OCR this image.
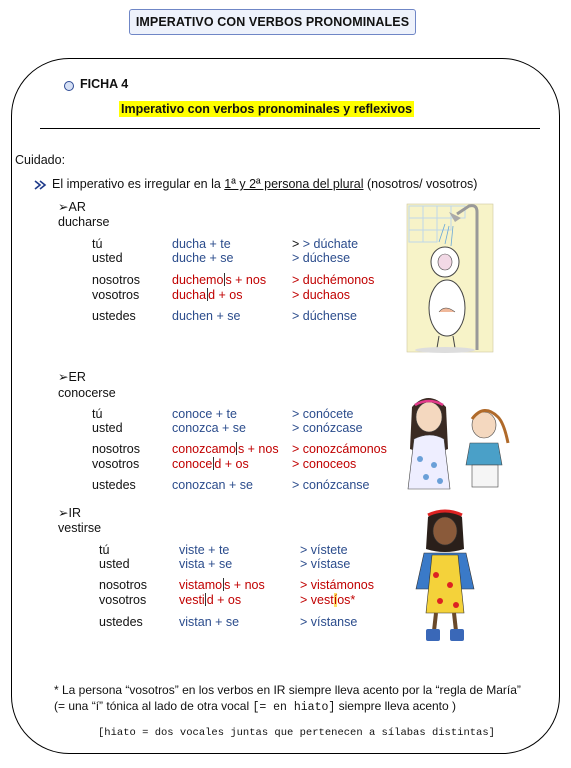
IMPERATIVO CON VERBOS PRONOMINALES
FICHA 4
Imperativo con verbos pronominales y reflexivos
Cuidado:
El imperativo es irregular en la 1ª y 2ª persona del plural (nosotros/ vosotros)
➢AR
ducharse
tú	ducha + te	> > dúchate
usted	duche + se	> dúchese
nosotros	duchemo s + nos > duchémonos
vosotros	ducha d + os	> duchaos
ustedes	duchen + se	> dúchense
➢ER
conocerse
tú	conoce + te	> conócete
usted	conozca + se	> conózcase
nosotros	conozcamo s + nos > conozcámonos
vosotros	conoce d + os	> conoceos
ustedes	conozcan + se	> conózcanse
➢IR
vestirse
tú	viste + te	> vístete
usted	vista + se	> vístase
nosotros	vistamo s + nos	> vistámonos
vosotros	vesti d + os	> vestíos*
ustedes	vistan + se	> vístanse
* La persona “vosotros” en los verbos en IR siempre lleva acento por la “regla de María”
(= una “í” tónica al lado de otra vocal [= en hiato] siempre lleva acento )
[hiato = dos vocales juntas que pertenecen a sílabas distintas]
